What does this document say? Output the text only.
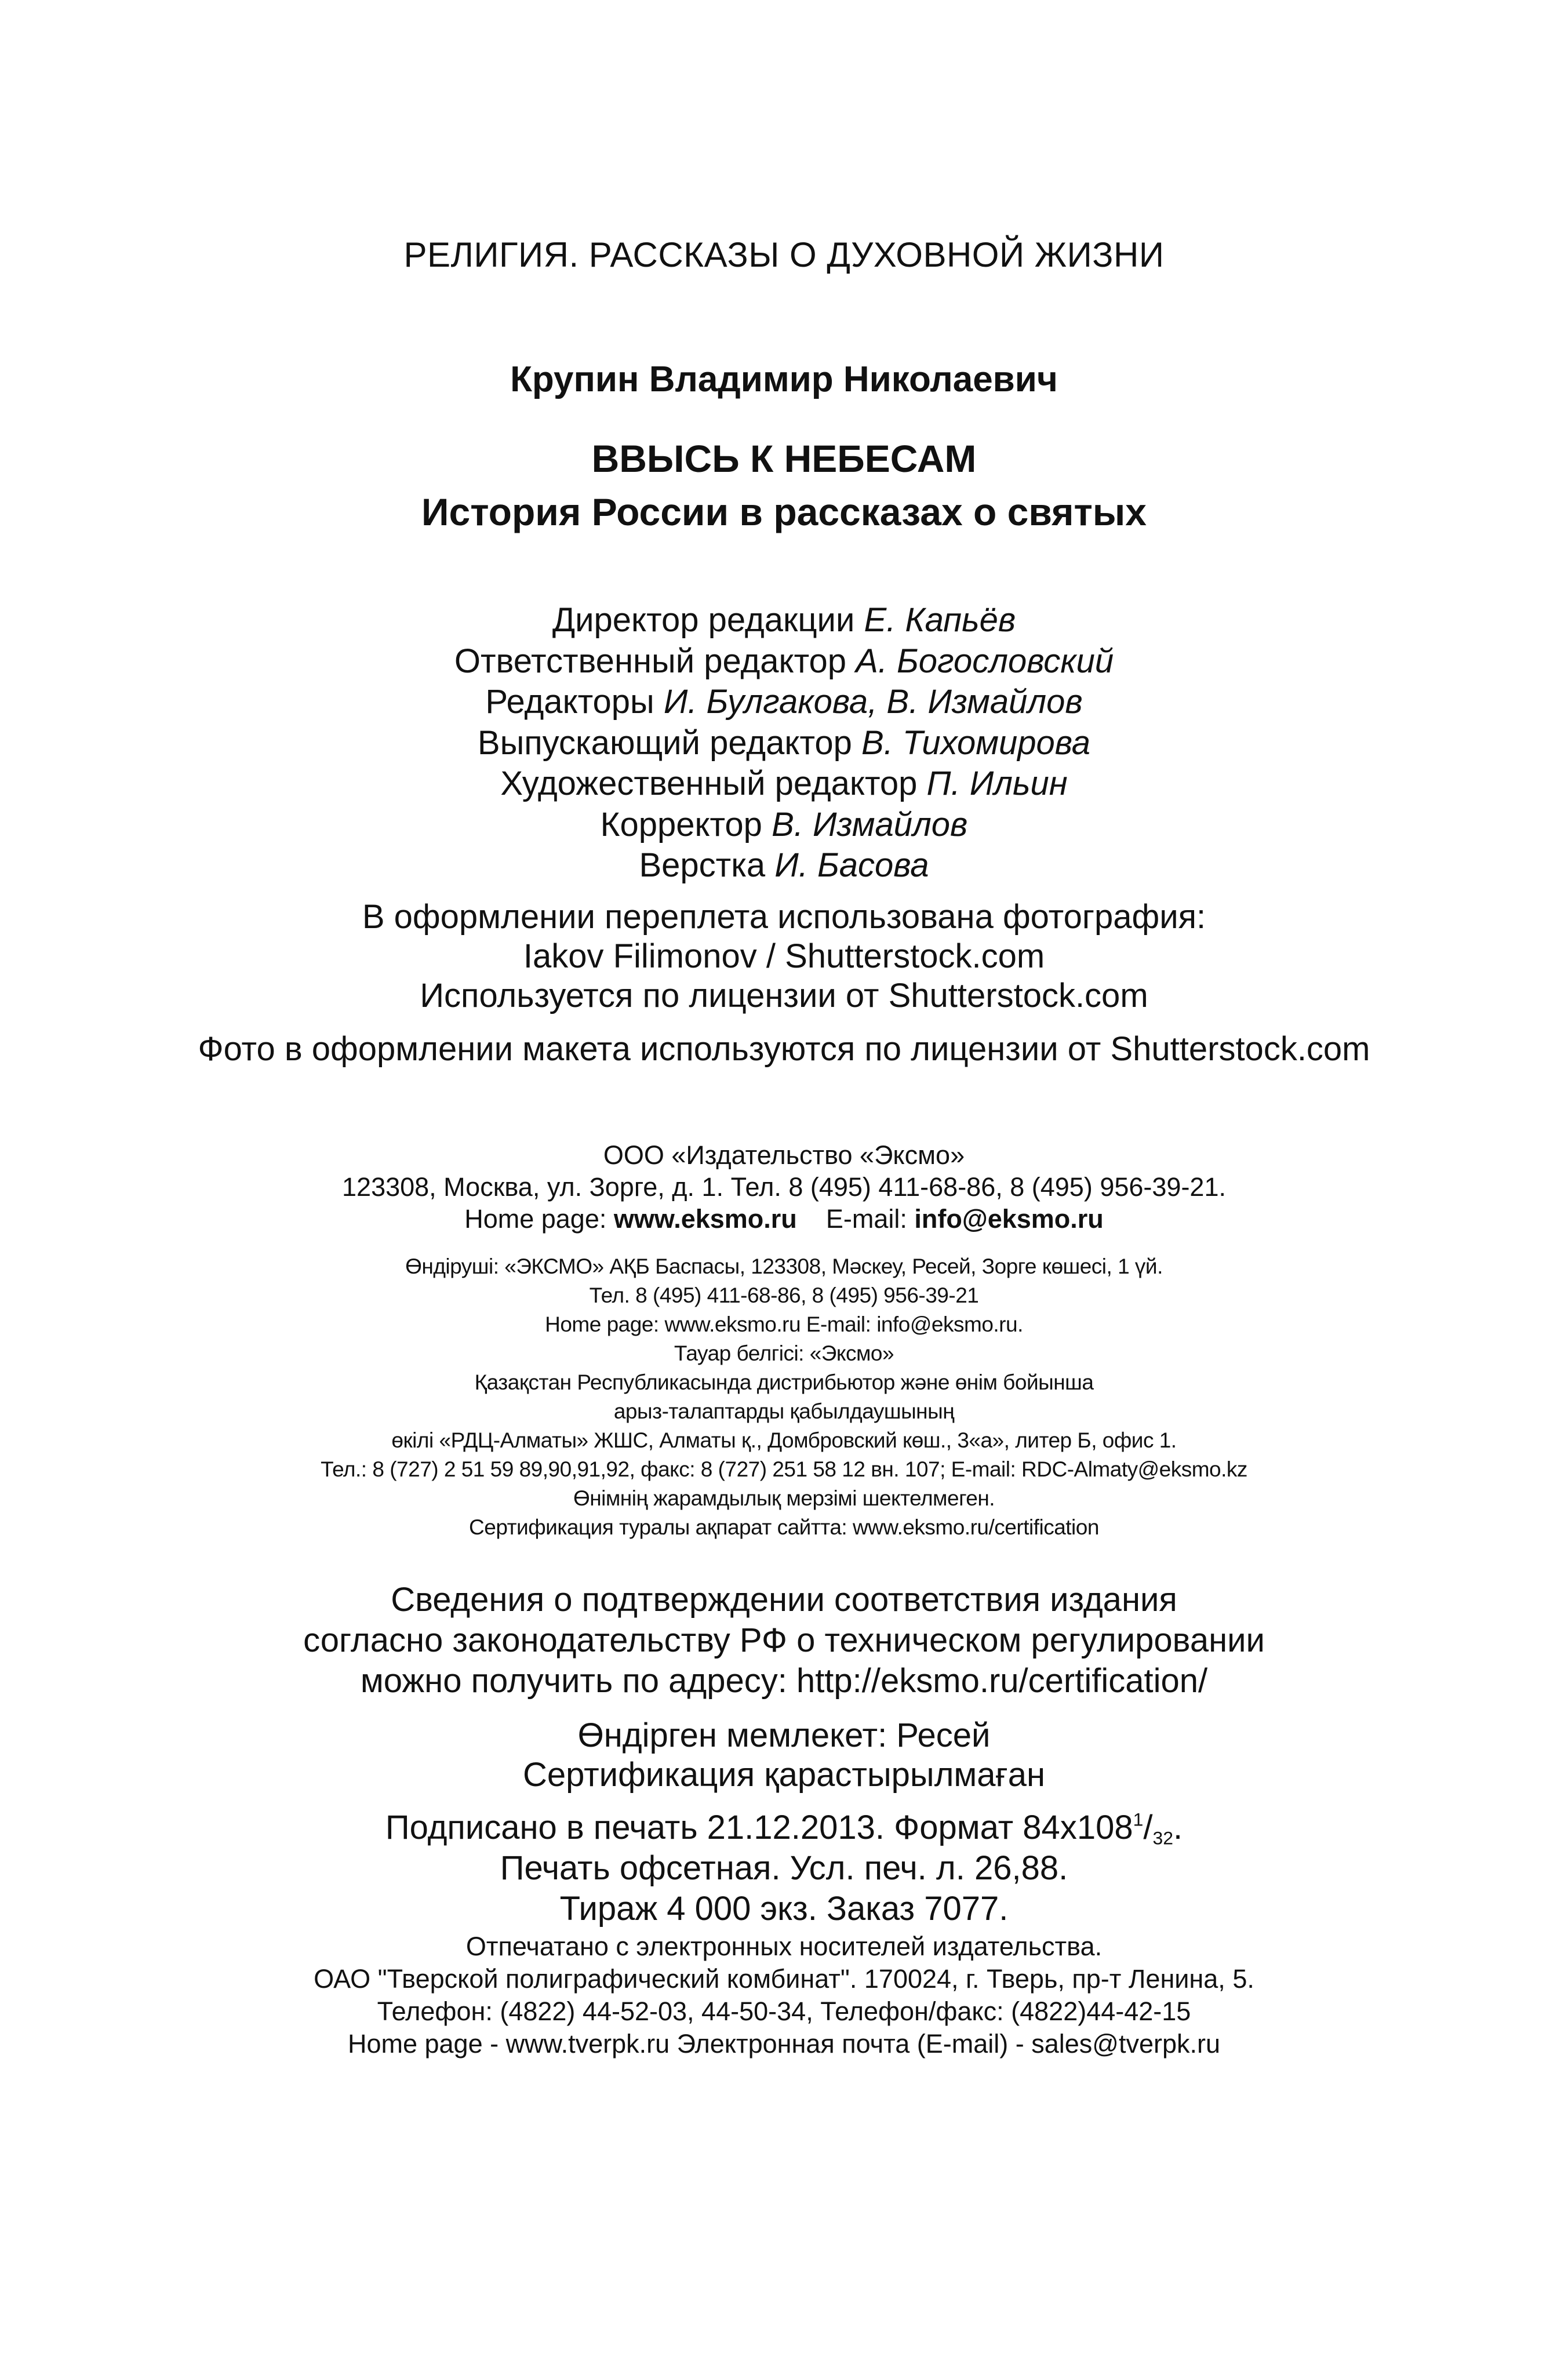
РЕЛИГИЯ. РАССКАЗЫ О ДУХОВНОЙ ЖИЗНИ
Крупин Владимир Николаевич
ВВЫСЬ К НЕБЕСАМ
История России в рассказах о святых
Директор редакции Е. Капьёв
Ответственный редактор А. Богословский
Редакторы И. Булгакова, В. Измайлов
Выпускающий редактор В. Тихомирова
Художественный редактор П. Ильин
Корректор В. Измайлов
Верстка И. Басова
В оформлении переплета использована фотография:
Iakov Filimonov / Shutterstock.com
Используется по лицензии от Shutterstock.com
Фото в оформлении макета используются по лицензии от Shutterstock.com
ООО «Издательство «Эксмо»
123308, Москва, ул. Зорге, д. 1. Тел. 8 (495) 411-68-86, 8 (495) 956-39-21.
Home page: www.eksmo.ru E-mail: info@eksmo.ru
Өндіруші: «ЭКСМО» АҚБ Баспасы, 123308, Мәскеу, Ресей, Зорге көшесі, 1 үй.
Тел. 8 (495) 411-68-86, 8 (495) 956-39-21
Home page: www.eksmo.ru E-mail: info@eksmo.ru.
Тауар белгісі: «Эксмо»
Қазақстан Республикасында дистрибьютор және өнім бойынша
арыз-талаптарды қабылдаушының
өкілі «РДЦ-Алматы» ЖШС, Алматы қ., Домбровский көш., 3«а», литер Б, офис 1.
Тел.: 8 (727) 2 51 59 89,90,91,92, факс: 8 (727) 251 58 12 вн. 107; E-mail: RDC-Almaty@eksmo.kz
Өнімнің жарамдылық мерзімі шектелмеген.
Сертификация туралы ақпарат сайтта: www.eksmo.ru/certification
Сведения о подтверждении соответствия издания
согласно законодательству РФ о техническом регулировании
можно получить по адресу: http://eksmo.ru/certification/
Өндірген мемлекет: Ресей
Сертификация қарастырылмаған
Подписано в печать 21.12.2013. Формат $84x108^1/_{32}$.
Печать офсетная. Усл. печ. л. 26,88.
Тираж 4 000 экз. Заказ 7077.
Отпечатано с электронных носителей издательства.
ОАО "Тверской полиграфический комбинат". 170024, г. Тверь, пр-т Ленина, 5.
Телефон: (4822) 44-52-03, 44-50-34, Телефон/факс: (4822)44-42-15
Home page - www.tverpk.ru Электронная почта (E-mail) - sales@tverpk.ru
